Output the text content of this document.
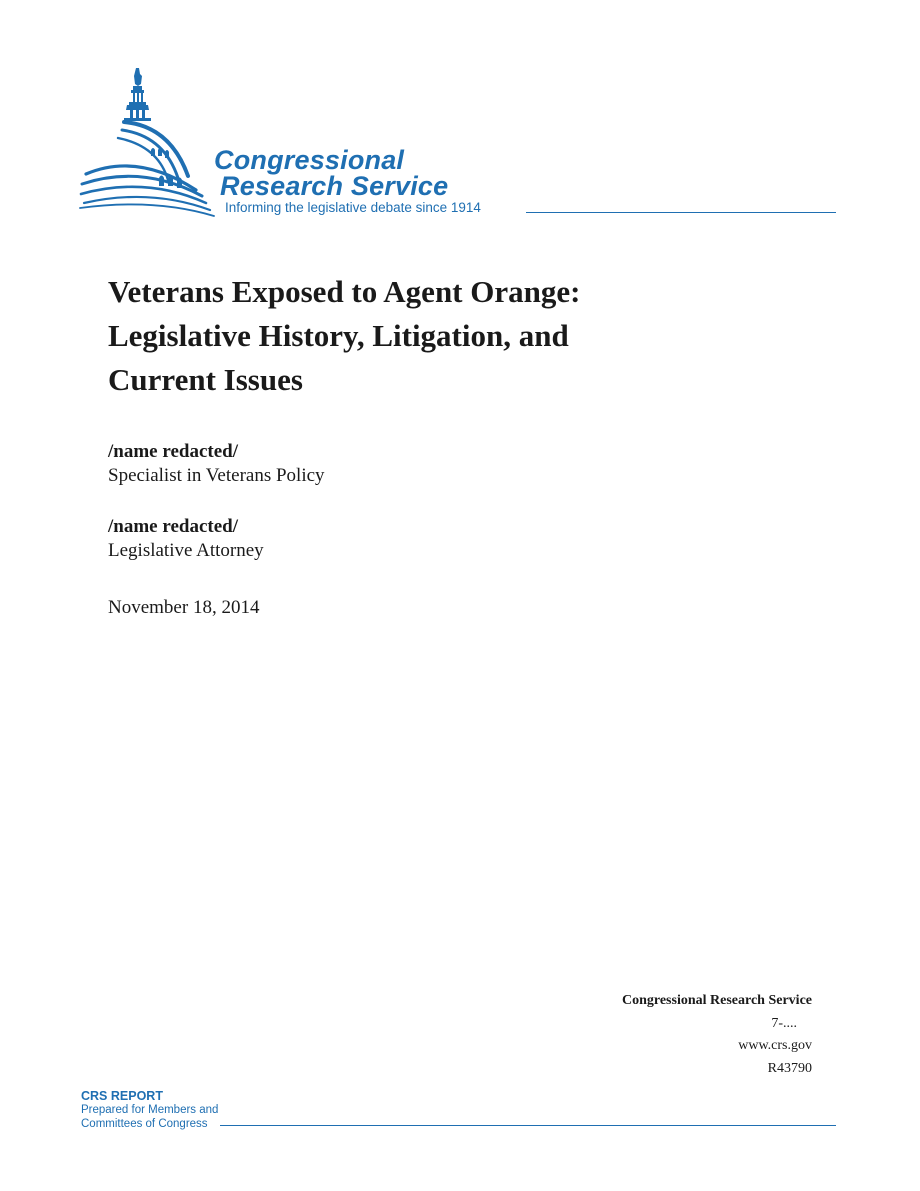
Congressional
Research Service
Informing the legislative debate since 1914
Veterans Exposed to Agent Orange:
Legislative History, Litigation, and
Current Issues
/name redacted/
Specialist in Veterans Policy
/name redacted/
Legislative Attorney
November 18, 2014
Congressional Research Service
7-....
www.crs.gov
R43790
CRS REPORT
Prepared for Members and
Committees of Congress
